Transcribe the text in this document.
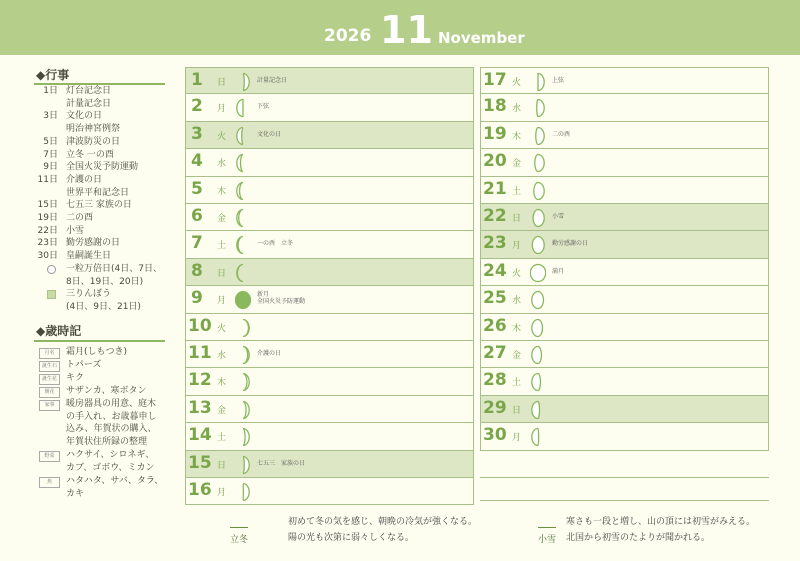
2026 11 November
◆行事
1日 灯台記念日
計量記念日
3日 文化の日
明治神宮例祭
5日 津波防災の日
7日 立冬 一の酉
9日 全国火災予防運動
11日 介護の日
世界平和記念日
15日 七五三 家族の日
19日 二の酉
22日 小雪
23日 勤労感謝の日
30日 皇嗣誕生日
一粒万倍日(4日、7日、
8日、19日、20日)
三りんぼう
(4日、9日、21日)
◆歳時記
月名	霜月(しもつき)
誕生石	トパーズ
誕生花	キク
開花	サザンカ、寒ボタン
家事	暖房器具の用意、庭木
の手入れ、お歳暮申し
込み、年賀状の購入、
年賀状住所録の整理
野菜	ハクサイ、シロネギ、
カブ、ゴボウ、ミカン
魚	ハタハタ、サバ、タラ、
カキ
1 日	計量記念日
2 月	下弦
3 火	文化の日
4 水
5 木
6 金
7 土	一の酉　立冬
8 日
9 月
新月
全国火災予防運動
10 火
11 水	介護の日
12 木
13 金
14 土
15 日	七五三　家族の日
16 月
17 火	上弦
18 水
19 木	二の酉
20 金
21 土
22 日	小雪
23 月	勤労感謝の日
24 火	満月
25 水
26 木
27 金
28 土
29 日
30 月
立冬
初めて冬の気を感じ、朝晩の冷気が強くなる。
陽の光も次第に弱々しくなる。	小雪
寒さも一段と増し、山の頂には初雪がみえる。
北国から初雪のたよりが聞かれる。
